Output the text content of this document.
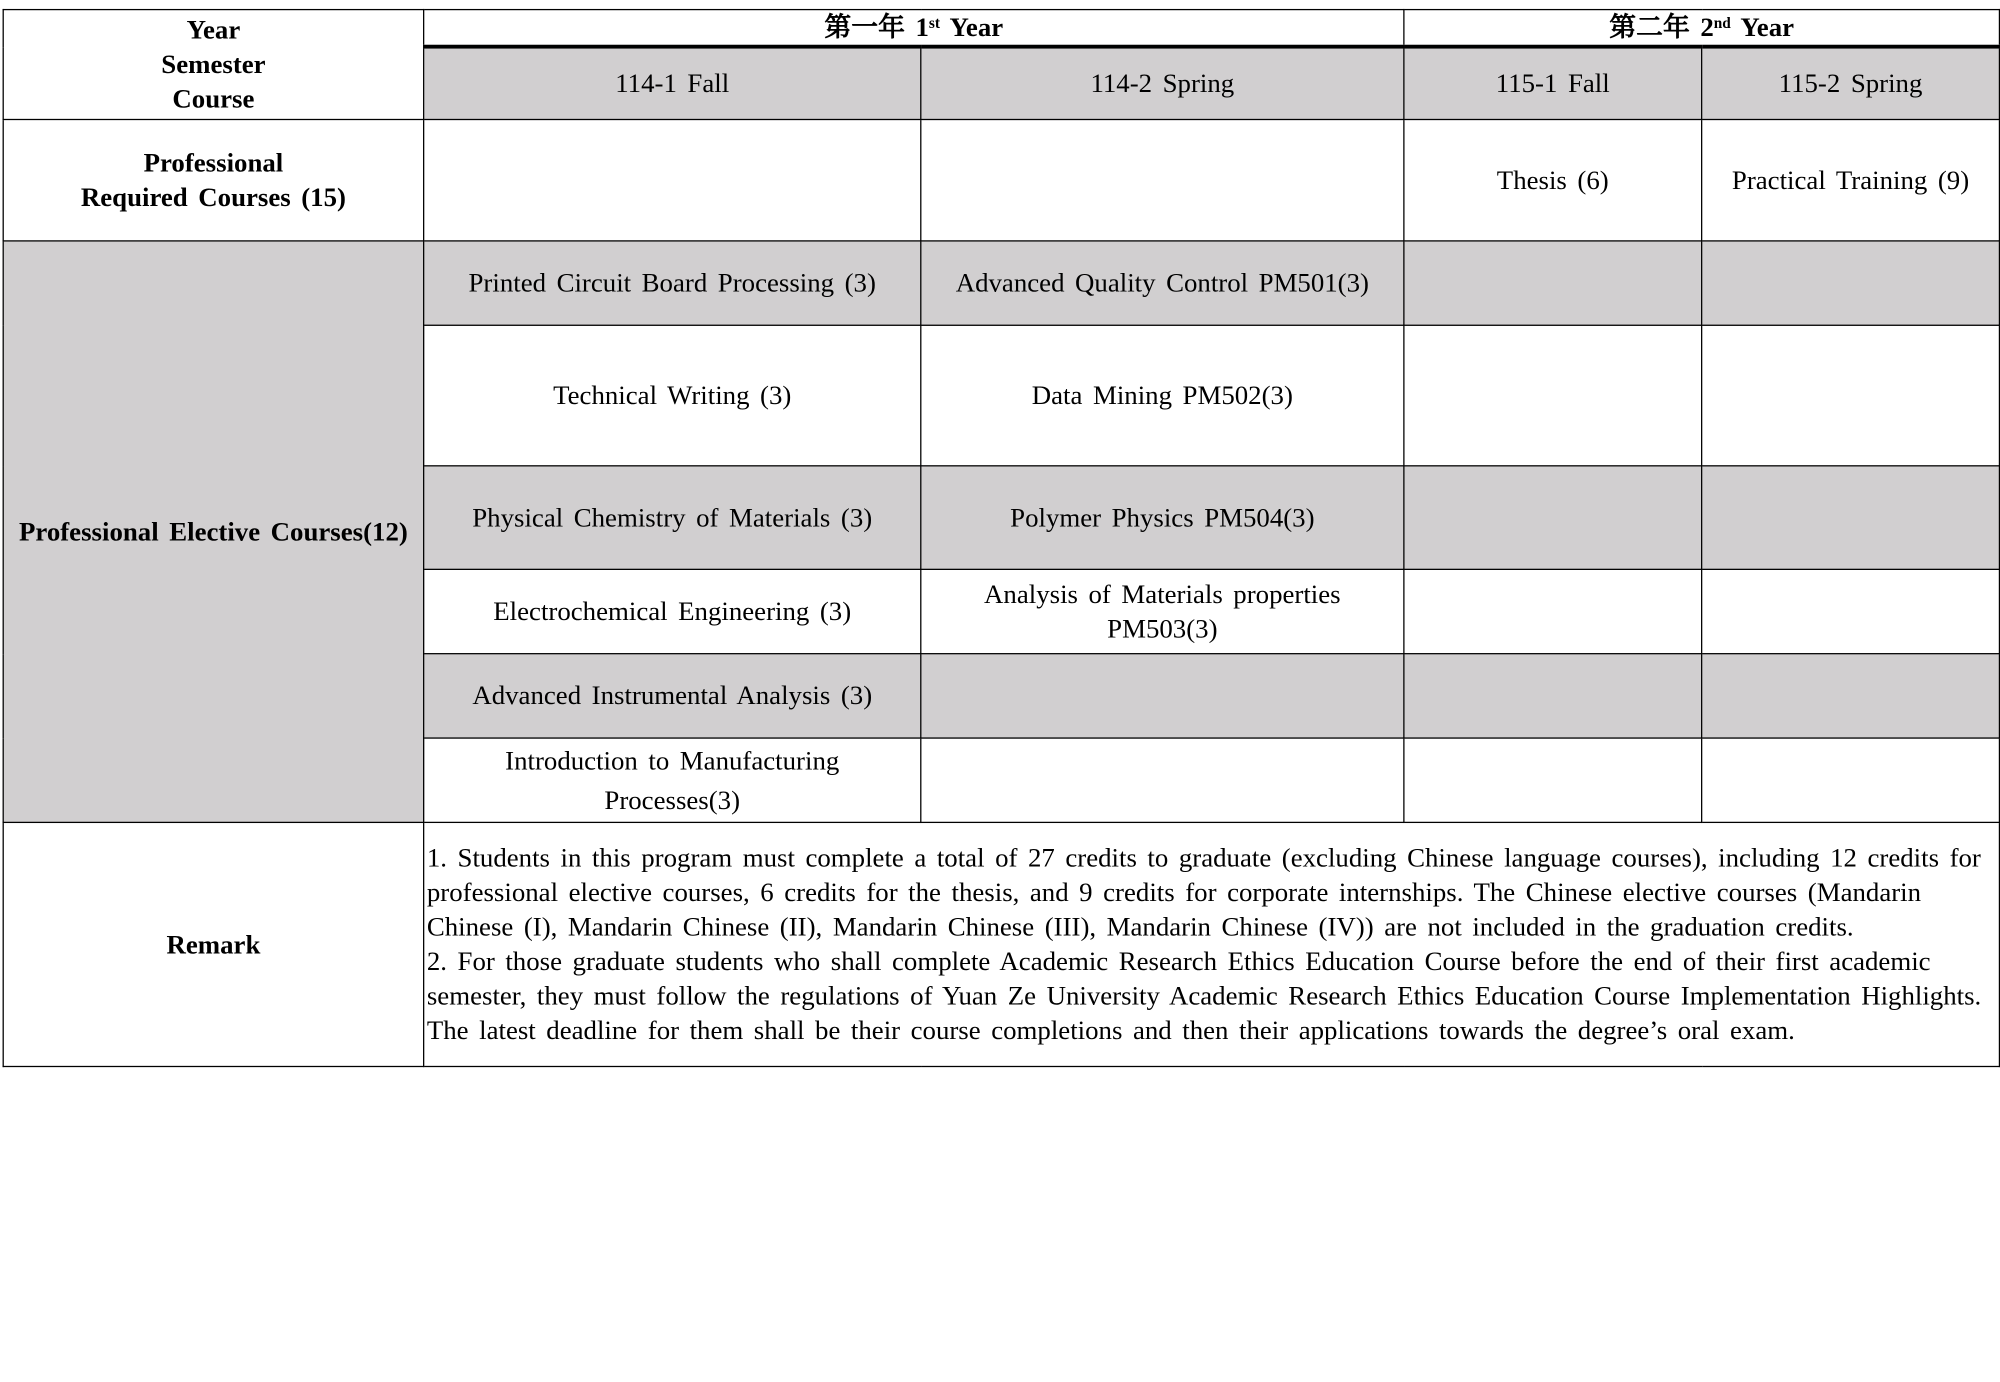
Year
Semester
Course	第一年 1st Year		第二年 2nd Year	
	114-1 Fall	114-2 Spring	115-1 Fall	115-2 Spring

Professional
Required Courses (15)			Thesis (6)	Practical Training (9)
Professional Elective Courses(12)	Printed Circuit Board Processing (3)	Advanced Quality Control PM501(3)		
	Technical Writing (3)	Data Mining PM502(3)		
	Physical Chemistry of Materials (3)	Polymer Physics PM504(3)		
	Electrochemical Engineering (3)	Analysis of Materials properties PM503(3)		
	Advanced Instrumental Analysis (3)			
	Introduction to Manufacturing Processes(3)			
Remark	1. Students in this program must complete a total of 27 credits to graduate (excluding Chinese language courses), including 12 credits for professional elective courses, 6 credits for the thesis, and 9 credits for corporate internships. The Chinese elective courses (Mandarin Chinese (I), Mandarin Chinese (II), Mandarin Chinese (III), Mandarin Chinese (IV)) are not included in the graduation credits.
2. For those graduate students who shall complete Academic Research Ethics Education Course before the end of their first academic semester, they must follow the regulations of Yuan Ze University Academic Research Ethics Education Course Implementation Highlights. The latest deadline for them shall be their course completions and then their applications towards the degree’s oral exam.			
